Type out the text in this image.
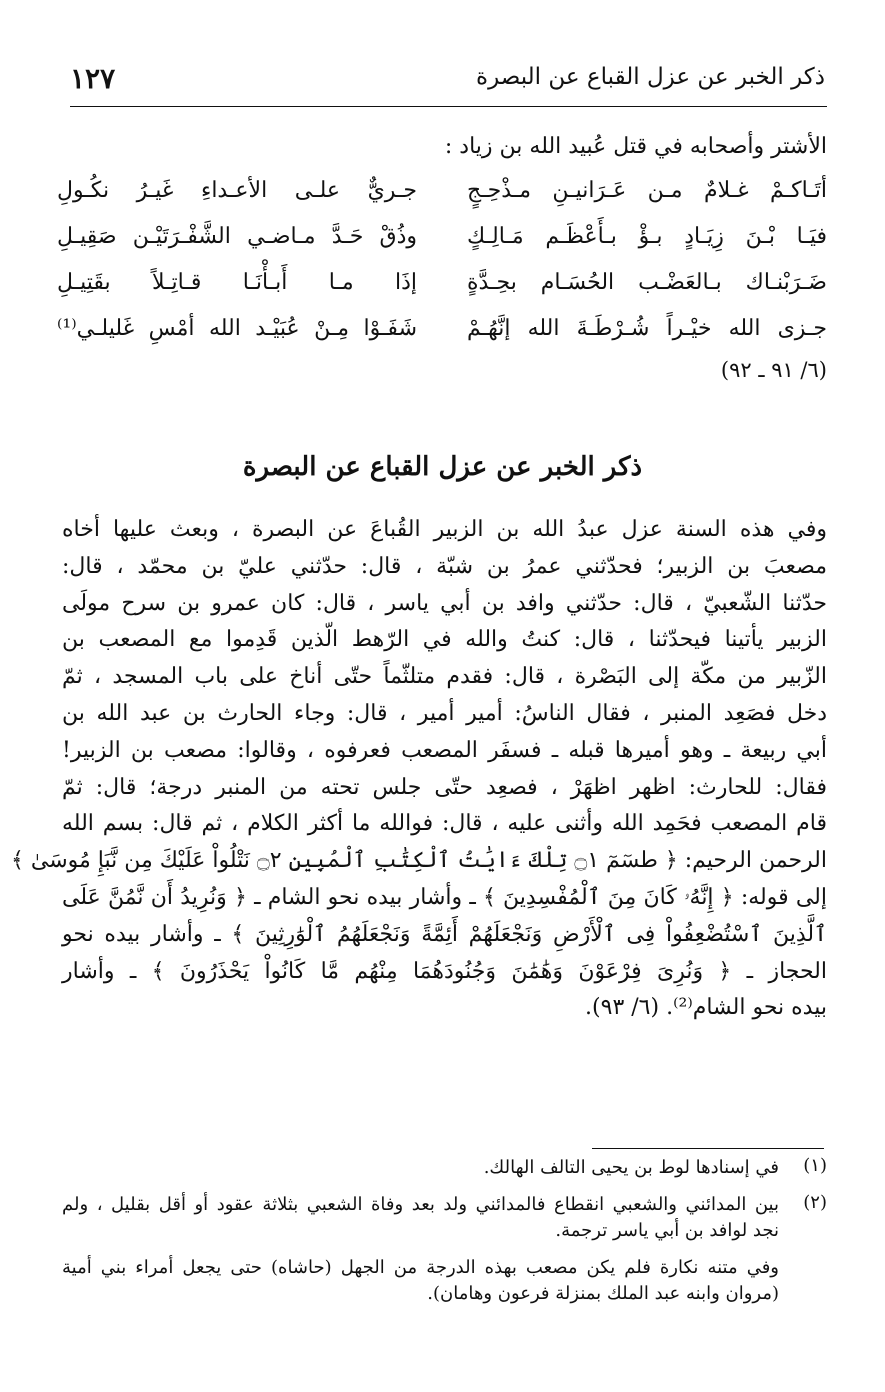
ذكر الخبر عن عزل القباع عن البصرة
١٢٧
الأشتر وأصحابه في قتل عُبيد الله بن زياد :
أتَـاكـمْ غـلامٌ مـن عَـرَانيـنِ مـذْحِـجٍ
جـريٌّ علـى الأعـداءِ غَيـرُ نكُـولِ
فيَـا بْـنَ زِيَـادٍ بـؤْ بـأَعْظَـم مَـالِـكٍ
وذُقْ حَـدَّ مـاضـي الشَّفْـرَتَيْـن صَقِيـلِ
ضَـرَبْنـاك بـالعَضْـب الحُسَـام بحِـدَّةٍ
إذَا مـا أَبـأْنَـا قـاتِـلاً بقَتِيـلِ
جـزى الله خيْـراً شُـرْطَـةَ الله إنَّهُـمْ
شَفَـوْا مِـنْ عُبَيْـد الله أمْسِ غَليلـي⁽¹⁾
(٦/ ٩١ ـ ٩٢)
ذكر الخبر عن عزل القباع عن البصرة
وفي هذه السنة عزل عبدُ الله بن الزبير القُباعَ عن البصرة ، وبعث عليها أخاه
مصعبَ بن الزبير؛ فحدّثني عمرُ بن شبّة ، قال: حدّثني عليّ بن محمّد ، قال:
حدّثنا الشّعبيّ ، قال: حدّثني وافد بن أبي ياسر ، قال: كان عمرو بن سرح مولَى
الزبير يأتينا فيحدّثنا ، قال: كنتُ والله في الرّهط الّذين قَدِموا مع المصعب بن
الزّبير من مكّة إلى البَصْرة ، قال: فقدم متلثّماً حتّى أناخ على باب المسجد ، ثمّ
دخل فصَعِد المنبر ، فقال الناسُ: أمير أمير ، قال: وجاء الحارث بن عبد الله بن
أبي ربيعة ـ وهو أميرها قبله ـ فسفَر المصعب فعرفوه ، وقالوا: مصعب بن الزبير!
فقال: للحارث: اظهر اظهَرْ ، فصعِد حتّى جلس تحته من المنبر درجة؛ قال: ثمّ
قام المصعب فحَمِد الله وأثنى عليه ، قال: فوالله ما أكثر الكلام ، ثم قال: بسم الله
الرحمن الرحيم: ﴿ طسٓمٓ ۝١ تِلْكَ ءَايَٰتُ ٱلْكِتَٰبِ ٱلْمُبِينِ ۝٢ نَتْلُواْ عَلَيْكَ مِن نَّبَإِ مُوسَىٰ ﴾
إلى قوله: ﴿ إِنَّهُۥ كَانَ مِنَ ٱلْمُفْسِدِينَ ﴾ ـ وأشار بيده نحو الشام ـ ﴿ وَنُرِيدُ أَن نَّمُنَّ عَلَى
ٱلَّذِينَ ٱسْتُضْعِفُواْ فِى ٱلْأَرْضِ وَنَجْعَلَهُمْ أَئِمَّةً وَنَجْعَلَهُمُ ٱلْوَٰرِثِينَ ﴾ ـ وأشار بيده نحو
الحجاز ـ ﴿ وَنُرِىَ فِرْعَوْنَ وَهَٰمَٰنَ وَجُنُودَهُمَا مِنْهُم مَّا كَانُواْ يَحْذَرُونَ ﴾ ـ وأشار
بيده نحو الشام⁽²⁾. (٦/ ٩٣).
(١)
في إسنادها لوط بن يحيى التالف الهالك.
(٢)
بين المدائني والشعبي انقطاع فالمدائني ولد بعد وفاة الشعبي بثلاثة عقود أو أقل بقليل ، ولم
نجد لوافد بن أبي ياسر ترجمة.
وفي متنه نكارة فلم يكن مصعب بهذه الدرجة من الجهل (حاشاه) حتى يجعل أمراء بني أمية
(مروان وابنه عبد الملك بمنزلة فرعون وهامان).
